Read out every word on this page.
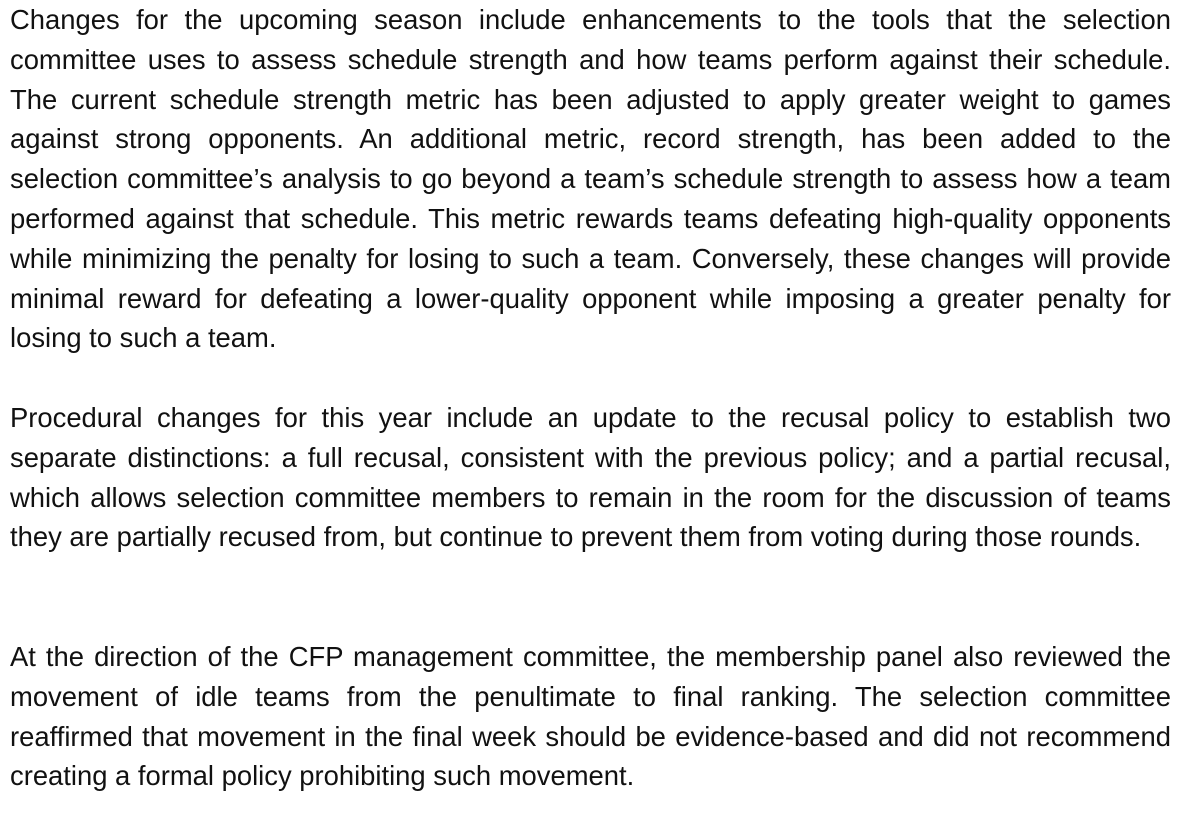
Changes for the upcoming season include enhancements to the tools that the selection committee uses to assess schedule strength and how teams perform against their schedule. The current schedule strength metric has been adjusted to apply greater weight to games against strong opponents. An additional metric, record strength, has been added to the selection committee’s analysis to go beyond a team’s schedule strength to assess how a team performed against that schedule. This metric rewards teams defeating high-quality opponents while minimizing the penalty for losing to such a team. Conversely, these changes will provide minimal reward for defeating a lower-quality opponent while imposing a greater penalty for losing to such a team.

Procedural changes for this year include an update to the recusal policy to establish two separate distinctions: a full recusal, consistent with the previous policy; and a partial recusal, which allows selection committee members to remain in the room for the discussion of teams they are partially recused from, but continue to prevent them from voting during those rounds.

At the direction of the CFP management committee, the membership panel also reviewed the movement of idle teams from the penultimate to final ranking. The selection committee reaffirmed that movement in the final week should be evidence-based and did not recommend creating a formal policy prohibiting such movement.
